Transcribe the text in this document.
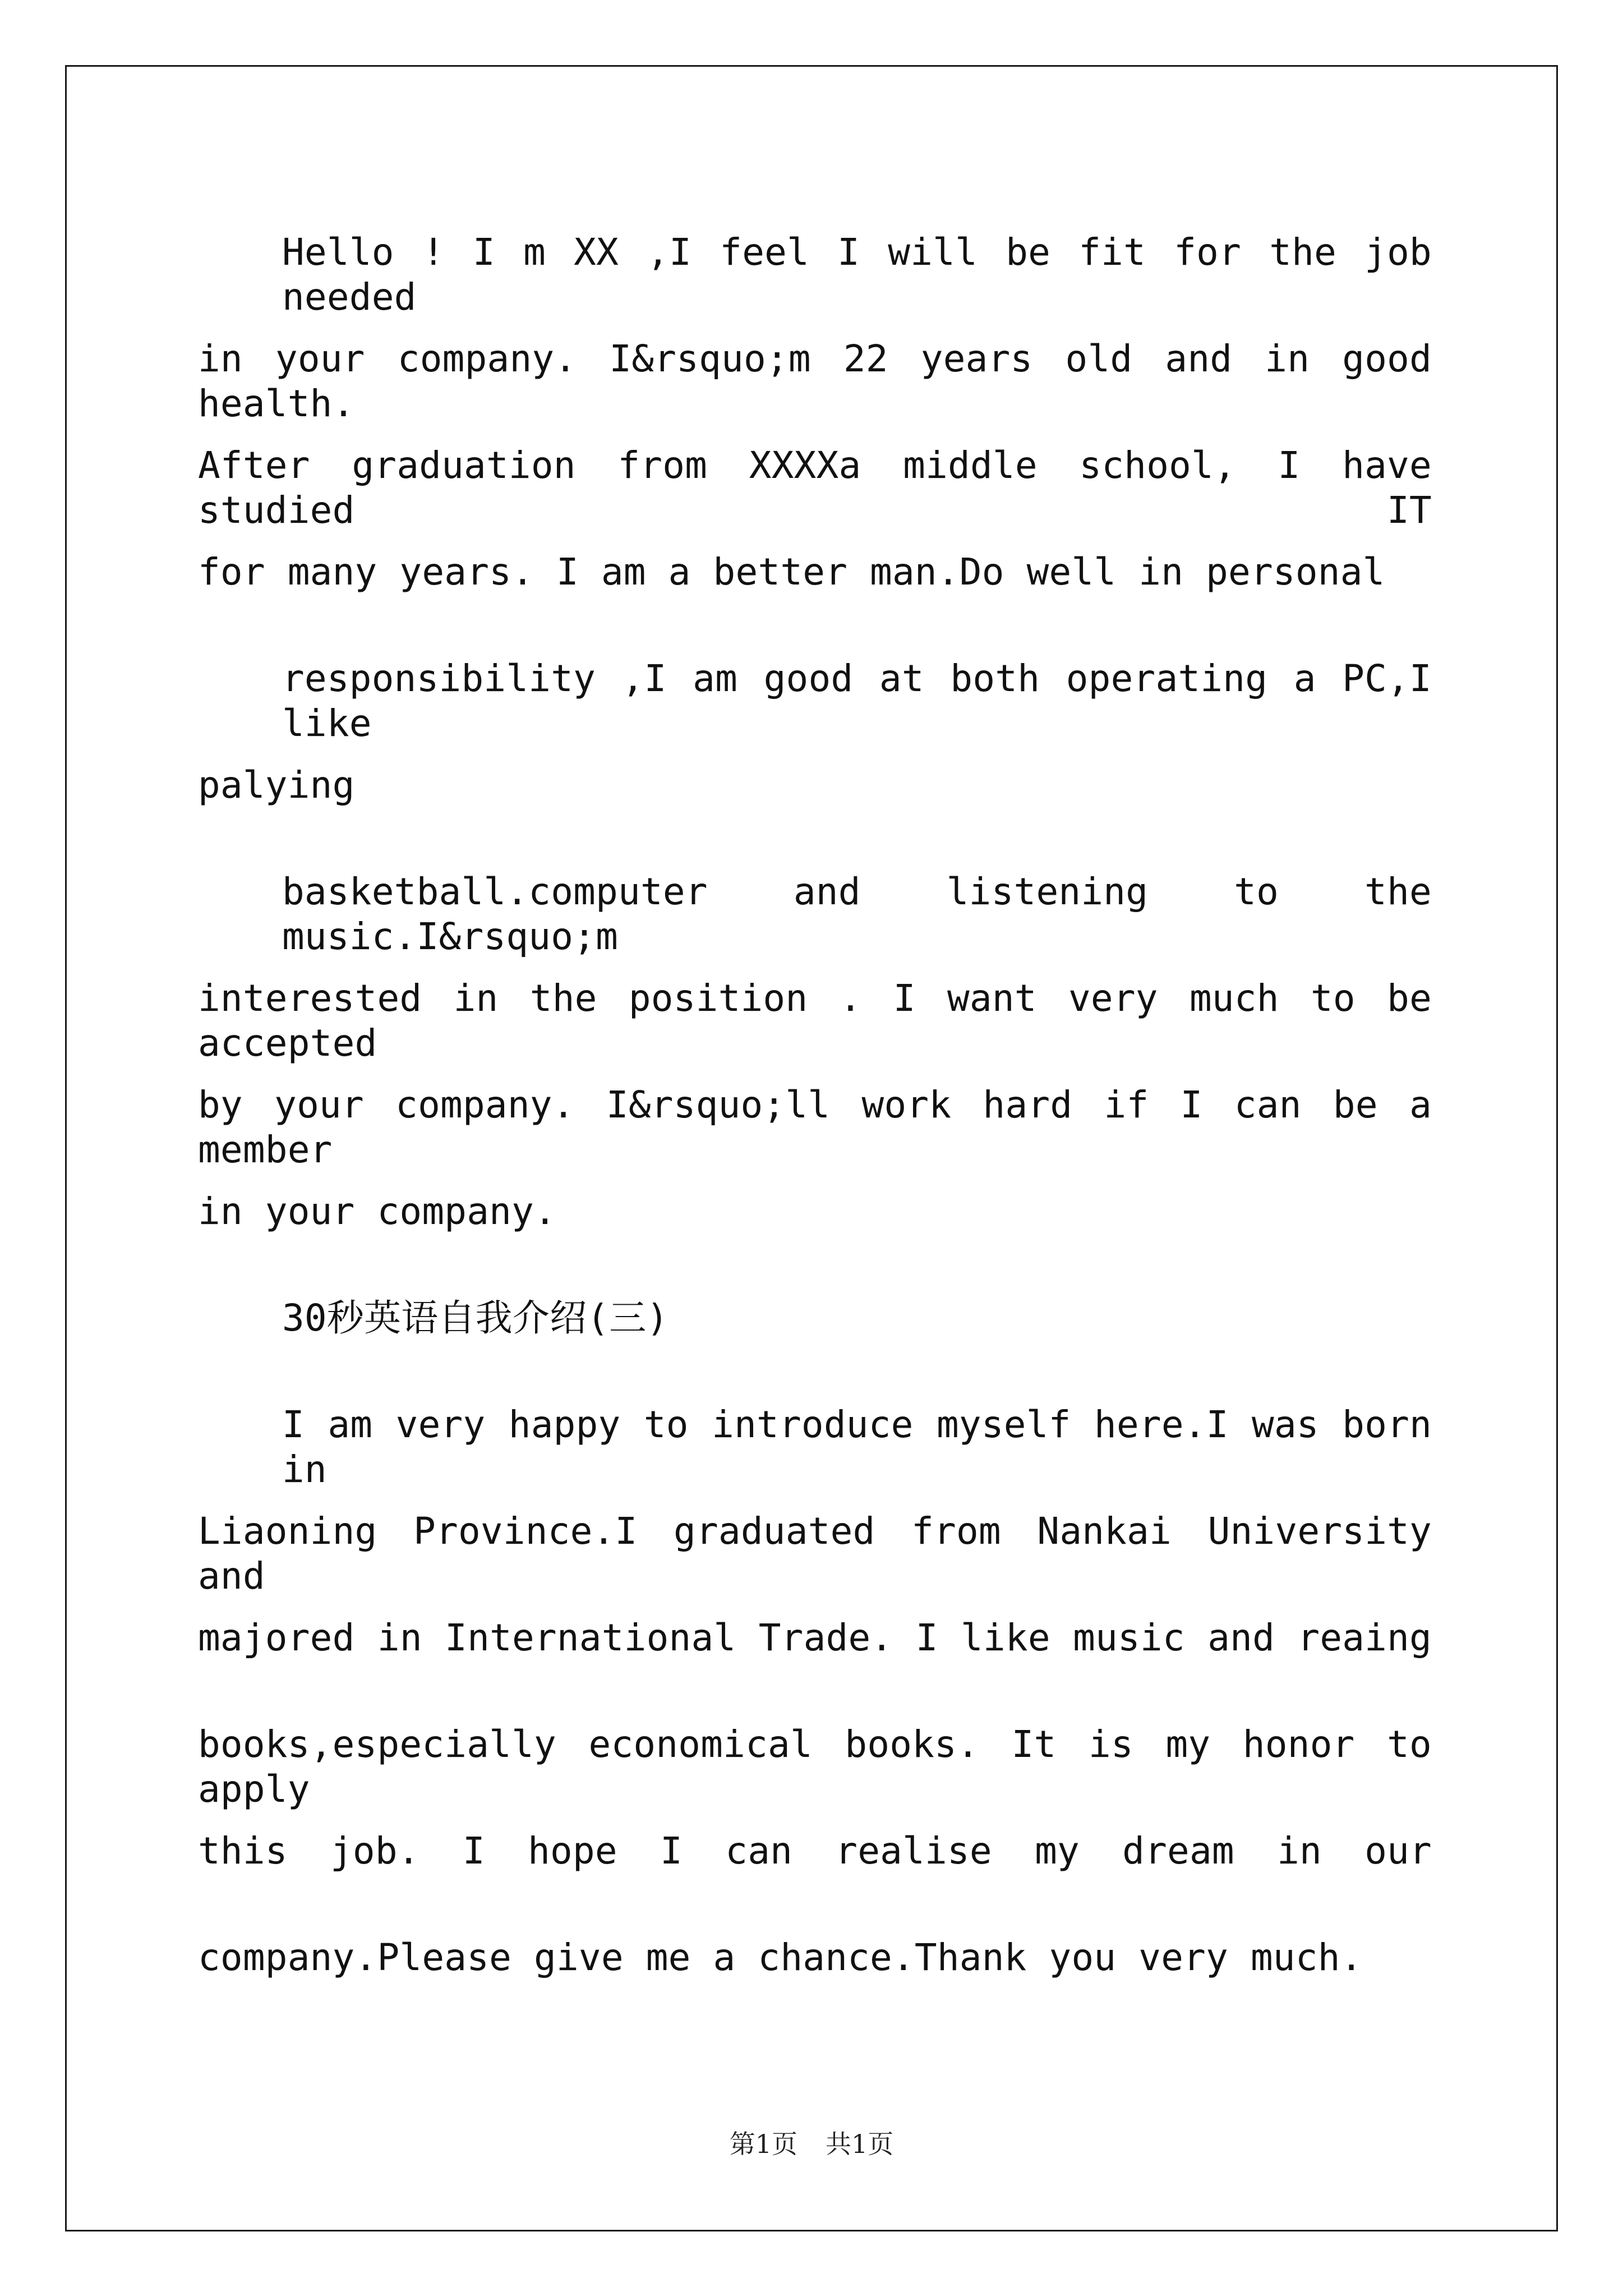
Hello ! I m XX ,I feel I will be fit for the job needed

in your company. I&rsquo;m 22 years old and in good health.

After graduation from XXXXa middle school, I have studied IT

for many years. I am a better man.Do well in personal

responsibility ,I am good at both operating a PC,I like

palying

basketball.computer and listening to the music.I&rsquo;m

interested in the position . I want very much to be accepted

by your company. I&rsquo;ll work hard if I can be a member

in your company.

30秒英语自我介绍(三)

I am very happy to introduce myself here.I was born in

Liaoning Province.I graduated from Nankai University and

majored in International Trade. I like music and reaing

books,especially economical books. It is my honor to apply

this job. I hope I can realise my dream in our

company.Please give me a chance.Thank you very much.

第1页 共1页
